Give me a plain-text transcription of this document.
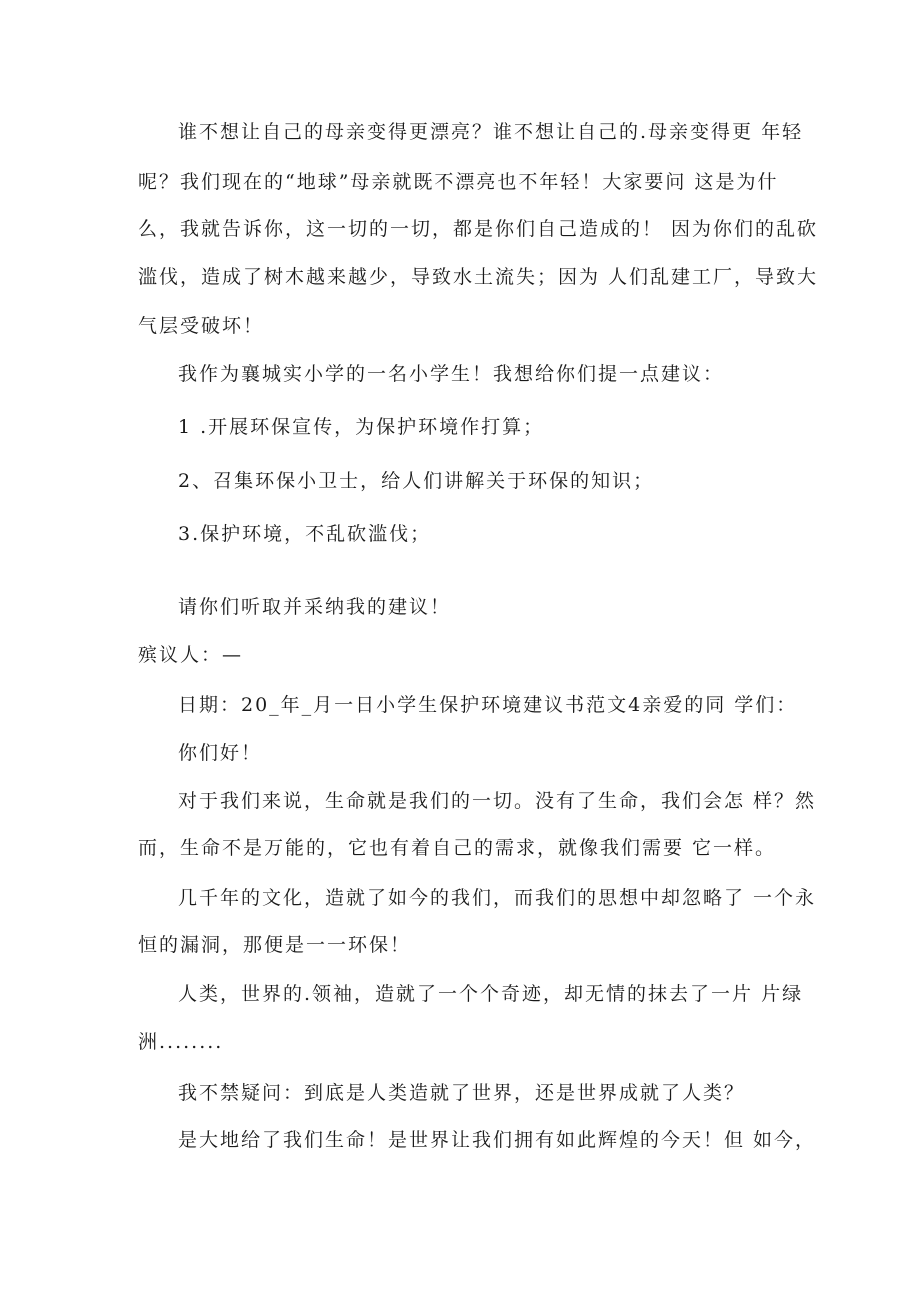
谁不想让自己的母亲变得更漂亮？谁不想让自己的.母亲变得更 年轻
呢？我们现在的“地球”母亲就既不漂亮也不年轻！大家要问 这是为什
么，我就告诉你，这一切的一切，都是你们自己造成的！ 因为你们的乱砍
滥伐，造成了树木越来越少，导致水土流失；因为 人们乱建工厂，导致大
气层受破坏！
我作为襄城实小学的一名小学生！我想给你们提一点建议：
1 .开展环保宣传，为保护环境作打算；
2、召集环保小卫士，给人们讲解关于环保的知识；
3.保护环境，不乱砍滥伐；
请你们听取并采纳我的建议！
殡议人：—
日期：20_年_月一日小学生保护环境建议书范文4亲爱的同 学们：
你们好！
对于我们来说，生命就是我们的一切。没有了生命，我们会怎 样？然
而，生命不是万能的，它也有着自己的需求，就像我们需要 它一样。
几千年的文化，造就了如今的我们，而我们的思想中却忽略了 一个永
恒的漏洞，那便是一一环保！
人类，世界的.领袖，造就了一个个奇迹，却无情的抹去了一片 片绿
洲........
我不禁疑问：到底是人类造就了世界，还是世界成就了人类？
是大地给了我们生命！是世界让我们拥有如此辉煌的今天！但 如今，
